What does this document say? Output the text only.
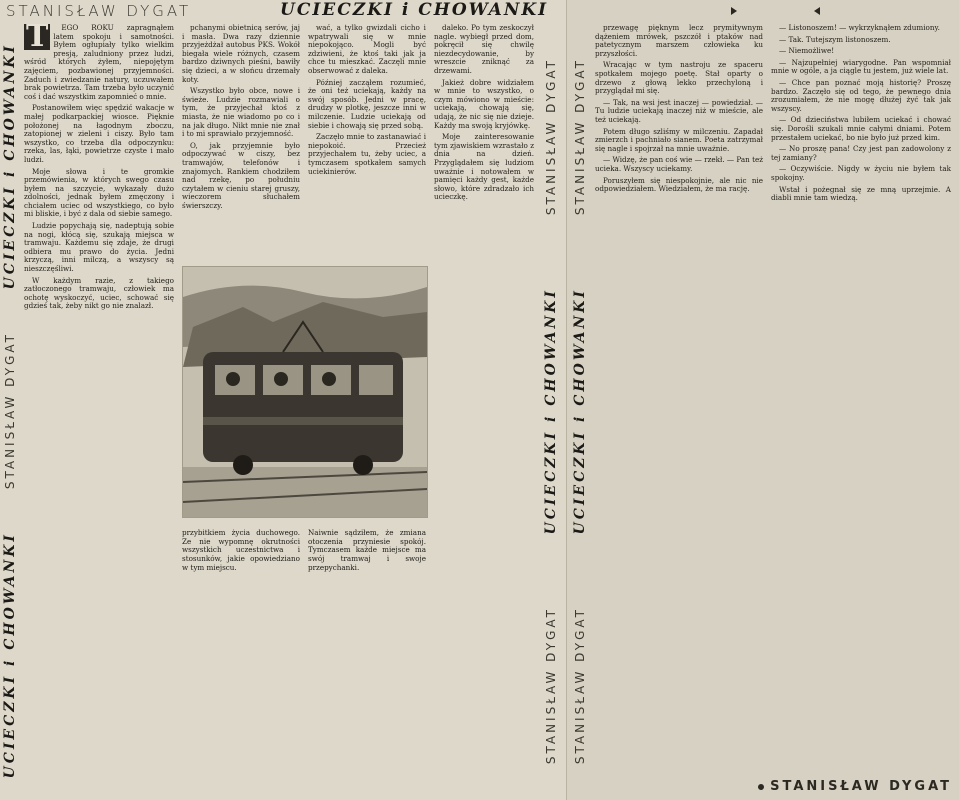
STANISŁAW DYGAT	UCIECZKI i CHOWANKI
UCIECZKI i CHOWANKI
STANISŁAW DYGAT
UCIECZKI i CHOWANKI
T	EGO ROKU zapragnąłem latem spokoju i samotności. Byłem ogłupiały tylko wielkim presją, zaludniony przez ludzi, wśród których żyłem, niepojętym zajęciem, pozbawionej przyjemności. Zaduch i zwiedzanie natury, uczuwałem brak powietrza. Tam trzeba było uczynić coś i dać wszystkim zapomnieć o mnie.

Postanowiłem więc spędzić wakacje w małej podkarpackiej wiosce. Pięknie położonej na łagodnym zboczu, zatopionej w zieleni i ciszy. Było tam wszystko, co trzeba dla odpoczynku: rzeka, las, łąki, powietrze czyste i mało ludzi.

Moje słowa i te gromkie przemówienia, w których swego czasu byłem na szczycie, wykazały dużo zdolności, jednak byłem zmęczony i chciałem uciec od wszystkiego, co było mi bliskie, i być z dala od siebie samego.

Ludzie popychają się, nadeptują sobie na nogi, kłócą się, szukają miejsca w tramwaju. Każdemu się zdaje, że drugi odbiera mu prawo do życia. Jedni krzyczą, inni milczą, a wszyscy są nieszczęśliwi.

W każdym razie, z takiego zatłoczonego tramwaju, człowiek ma ochotę wyskoczyć, uciec, schować się gdzieś tak, żeby nikt go nie znalazł.

pchanymi obietnicą serów, jaj i masła. Dwa razy dziennie przyjeżdżał autobus PKS. Wokół biegała wiele różnych, czasem bardzo dziwnych pieśni, bawiły się dzieci, a w słońcu drzemały koty.

Wszystko było obce, nowe i świeże. Ludzie rozmawiali o tym, że przyjechał ktoś z miasta, że nie wiadomo po co i na jak długo. Nikt mnie nie znał i to mi sprawiało przyjemność.

O, jak przyjemnie było odpoczywać w ciszy, bez tramwajów, telefonów i znajomych. Rankiem chodziłem nad rzekę, po południu czytałem w cieniu starej gruszy, wieczorem słuchałem świerszczy.

wać, a tylko gwizdali cicho i wpatrywali się w mnie niepokojąco. Mogli być zdziwieni, że ktoś taki jak ja chce tu mieszkać. Zaczęli mnie obserwować z daleka.

Później zacząłem rozumieć, że oni też uciekają, każdy na swój sposób. Jedni w pracę, drudzy w plotkę, jeszcze inni w milczenie. Ludzie uciekają od siebie i chowają się przed sobą.

Zaczęło mnie to zastanawiać i niepokoić. Przecież przyjechałem tu, żeby uciec, a tymczasem spotkałem samych uciekinierów.

przybitkiem życia duchowego. Ze nie wypomnę okrutności wszystkich uczestnictwa i stosunków, jakie opowiedziano w tym miejscu.

Naiwnie sądziłem, że zmiana otoczenia przyniesie spokój. Tymczasem każde miejsce ma swój tramwaj i swoje przepychanki.

daleko. Po tym zeskoczył nagle. wybiegł przed dom, pokręcił się chwilę niezdecydowanie, by wreszcie zniknąć za drzewami.

Jakież dobre widziałem w mnie to wszystko, o czym mówiono w mieście: uciekają, chowają się, udają, że nic się nie dzieje. Każdy ma swoją kryjówkę.

Moje zainteresowanie tym zjawiskiem wzrastało z dnia na dzień. Przyglądałem się ludziom uważnie i notowałem w pamięci każdy gest, każde słowo, które zdradzało ich ucieczkę.	STANISŁAW DYGAT
UCIECZKI i CHOWANKI
STANISŁAW DYGAT
STANISŁAW DYGAT
UCIECZKI i CHOWANKI
STANISŁAW DYGAT

przewagę pięknym lecz prymitywnym dążeniem mrówek, pszczół i ptaków nad patetycznym marszem człowieka ku przyszłości.

Wracając w tym nastroju ze spaceru spotkałem mojego poetę. Stał oparty o drzewo z głową lekko przechyloną i przyglądał mi się.

— Tak, na wsi jest inaczej — powiedział. — Tu ludzie uciekają inaczej niż w mieście, ale też uciekają.

Potem długo szliśmy w milczeniu. Zapadał zmierzch i pachniało sianem. Poeta zatrzymał się nagle i spojrzał na mnie uważnie.

— Widzę, że pan coś wie — rzekł. — Pan też ucieka. Wszyscy uciekamy.

Poruszyłem się niespokojnie, ale nic nie odpowiedziałem. Wiedziałem, że ma rację.

— Listonoszem! — wykrzyknąłem zdumiony.

— Tak. Tutejszym listonoszem.

— Niemożliwe!

— Najzupełniej wiarygodne. Pan wspomniał mnie w ogóle, a ja ciągle tu jestem, już wiele lat.

— Chce pan poznać moją historię? Proszę bardzo. Zaczęło się od tego, że pewnego dnia zrozumiałem, że nie mogę dłużej żyć tak jak wszyscy.

— Od dzieciństwa lubiłem uciekać i chować się. Dorośli szukali mnie całymi dniami. Potem przestałem uciekać, bo nie było już przed kim.

— No proszę pana! Czy jest pan zadowolony z tej zamiany?

— Oczywiście. Nigdy w życiu nie byłem tak spokojny.

Wstał i pożegnał się ze mną uprzejmie. A diabli mnie tam wiedzą.

STANISŁAW DYGAT
